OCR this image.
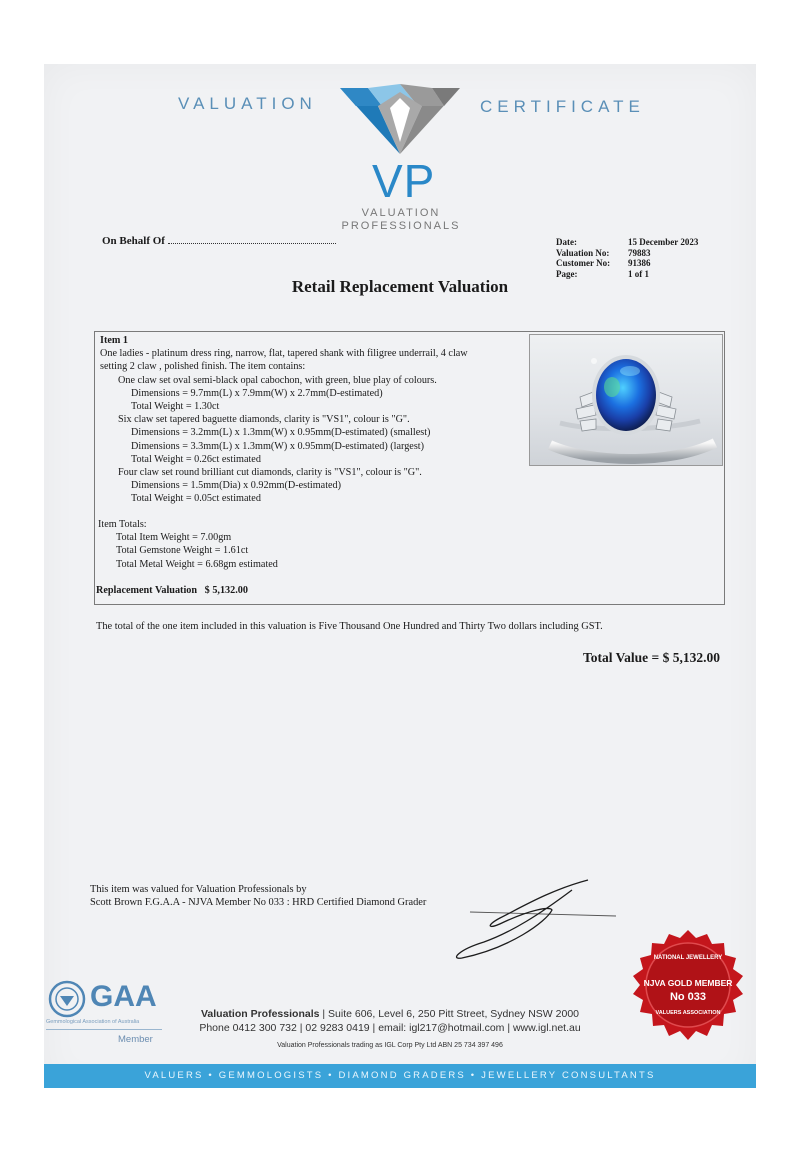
VALUATION	CERTIFICATE
VP
VALUATION
PROFESSIONALS
On Behalf Of	Date:	15 December 2023
Valuation No:	79883
Customer No:	91386
Page:	1 of 1
Retail Replacement Valuation
Item 1
One ladies - platinum dress ring, narrow, flat, tapered shank with filigree underrail, 4 claw
setting 2 claw , polished finish. The item contains:
One claw set oval semi-black opal cabochon, with green, blue play of colours.
Dimensions = 9.7mm(L) x 7.9mm(W) x 2.7mm(D-estimated)
Total Weight = 1.30ct
Six claw set tapered baguette diamonds, clarity is "VS1", colour is "G".
Dimensions = 3.2mm(L) x 1.3mm(W) x 0.95mm(D-estimated) (smallest)
Dimensions = 3.3mm(L) x 1.3mm(W) x 0.95mm(D-estimated) (largest)
Total Weight = 0.26ct estimated
Four claw set round brilliant cut diamonds, clarity is "VS1", colour is "G".
Dimensions = 1.5mm(Dia) x 0.92mm(D-estimated)
Total Weight = 0.05ct estimated
Item Totals:
Total Item Weight = 7.00gm
Total Gemstone Weight = 1.61ct
Total Metal Weight = 6.68gm estimated
Replacement Valuation $ 5,132.00
The total of the one item included in this valuation is Five Thousand One Hundred and Thirty Two dollars including GST.
Total Value = $ 5,132.00
This item was valued for Valuation Professionals by
Scott Brown F.G.A.A - NJVA Member No 033 : HRD Certified Diamond Grader
GAA
Gemmological Association of Australia
Member
Valuation Professionals | Suite 606, Level 6, 250 Pitt Street, Sydney NSW 2000
Phone 0412 300 732 | 02 9283 0419 | email: igl217@hotmail.com | www.igl.net.au
Valuation Professionals trading as IGL Corp Pty Ltd ABN 25 734 397 496
NATIONAL JEWELLERY
NJVA GOLD MEMBER
No 033
VALUERS ASSOCIATION
VALUERS • GEMMOLOGISTS • DIAMOND GRADERS • JEWELLERY CONSULTANTS
